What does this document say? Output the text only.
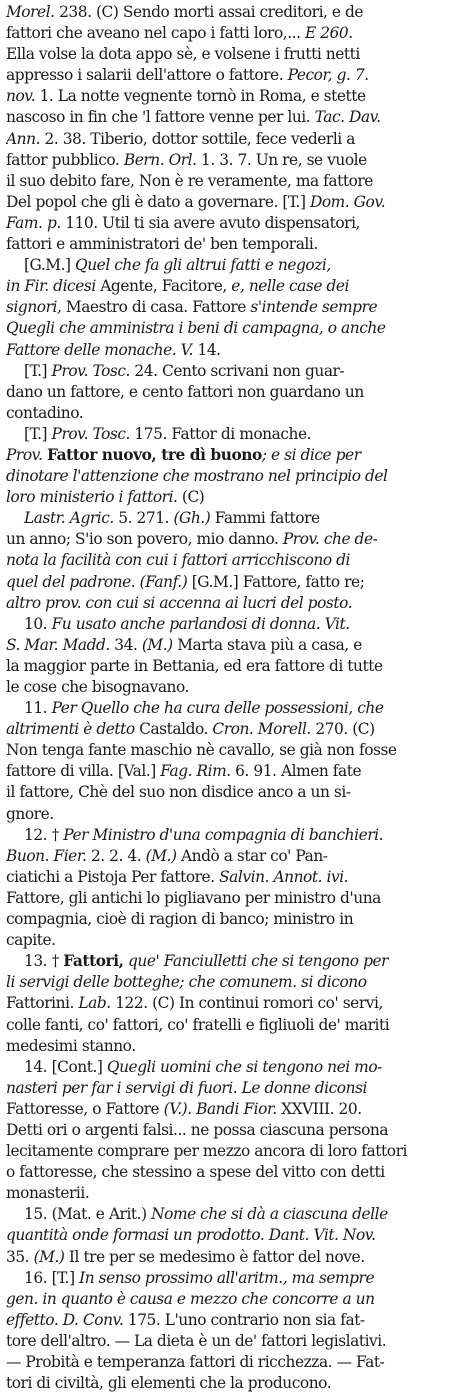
Morel. 238. (C) Sendo morti assai creditori, e de
fattori che aveano nel capo i fatti loro,... E 260.
Ella volse la dota appo sè, e volsene i frutti netti
appresso i salarii dell'attore o fattore. Pecor, g. 7.
nov. 1. La notte vegnente tornò in Roma, e stette
nascoso in fin che 'l fattore venne per lui. Tac. Dav.
Ann. 2. 38. Tiberio, dottor sottile, fece vederli a
fattor pubblico. Bern. Orl. 1. 3. 7. Un re, se vuole
il suo debito fare, Non è re veramente, ma fattore
Del popol che gli è dato a governare. [T.] Dom. Gov.
Fam. p. 110. Util ti sia avere avuto dispensatori,
fattori e amministratori de' ben temporali.
[G.M.] Quel che fa gli altrui fatti e negozi,
in Fir. dicesi Agente, Facitore, e, nelle case dei
signori, Maestro di casa. Fattore s'intende sempre
Quegli che amministra i beni di campagna, o anche
Fattore delle monache. V. 14.
[T.] Prov. Tosc. 24. Cento scrivani non guar-
dano un fattore, e cento fattori non guardano un
contadino.
[T.] Prov. Tosc. 175. Fattor di monache.
Prov. Fattor nuovo, tre dì buono; e si dice per
dinotare l'attenzione che mostrano nel principio del
loro ministerio i fattori. (C)
Lastr. Agric. 5. 271. (Gh.) Fammi fattore
un anno; S'io son povero, mio danno. Prov. che de-
nota la facilità con cui i fattori arricchiscono di
quel del padrone. (Fanf.) [G.M.] Fattore, fatto re;
altro prov. con cui si accenna ai lucri del posto.
10. Fu usato anche parlandosi di donna. Vit.
S. Mar. Madd. 34. (M.) Marta stava più a casa, e
la maggior parte in Bettania, ed era fattore di tutte
le cose che bisognavano.
11. Per Quello che ha cura delle possessioni, che
altrimenti è detto Castaldo. Cron. Morell. 270. (C)
Non tenga fante maschio nè cavallo, se già non fosse
fattore di villa. [Val.] Fag. Rim. 6. 91. Almen fate
il fattore, Chè del suo non disdice anco a un si-
gnore.
12. † Per Ministro d'una compagnia di banchieri.
Buon. Fier. 2. 2. 4. (M.) Andò a star co' Pan-
ciatichi a Pistoja Per fattore. Salvin. Annot. ivi.
Fattore, gli antichi lo pigliavano per ministro d'una
compagnia, cioè di ragion di banco; ministro in
capite.
13. † Fattori, que' Fanciulletti che si tengono per
li servigi delle botteghe; che comunem. si dicono
Fattorini. Lab. 122. (C) In continui romori co' servi,
colle fanti, co' fattori, co' fratelli e figliuoli de' mariti
medesimi stanno.
14. [Cont.] Quegli uomini che si tengono nei mo-
nasteri per far i servigi di fuori. Le donne diconsi
Fattoresse, o Fattore (V.). Bandi Fior. XXVIII. 20.
Detti ori o argenti falsi... ne possa ciascuna persona
lecitamente comprare per mezzo ancora di loro fattori
o fattoresse, che stessino a spese del vitto con detti
monasterii.
15. (Mat. e Arit.) Nome che si dà a ciascuna delle
quantità onde formasi un prodotto. Dant. Vit. Nov.
35. (M.) Il tre per se medesimo è fattor del nove.
16. [T.] In senso prossimo all'aritm., ma sempre
gen. in quanto è causa e mezzo che concorre a un
effetto. D. Conv. 175. L'uno contrario non sia fat-
tore dell'altro. — La dieta è un de' fattori legislativi.
— Probità e temperanza fattori di ricchezza. — Fat-
tori di civiltà, gli elementi che la producono.
